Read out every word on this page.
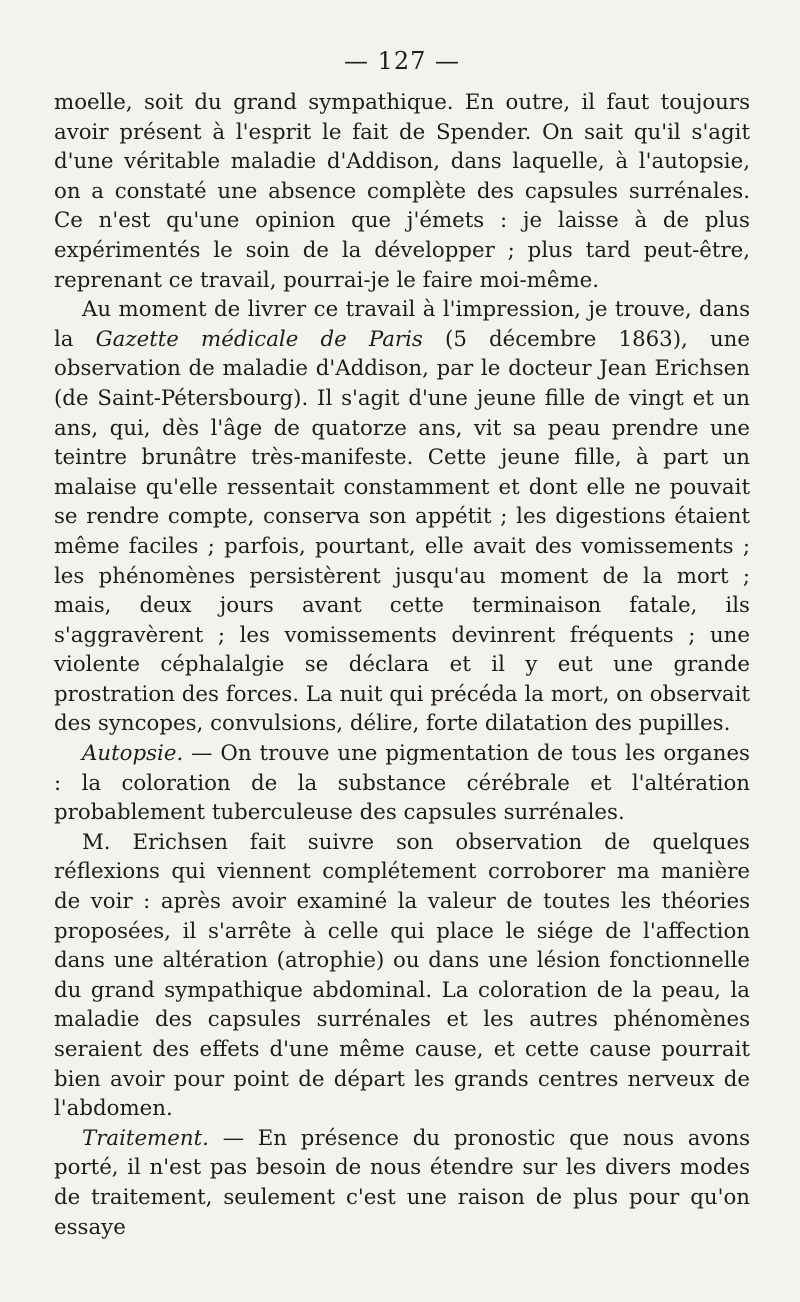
— 127 —

moelle, soit du grand sympathique. En outre, il faut toujours avoir présent à l'esprit le fait de Spender. On sait qu'il s'agit d'une véritable maladie d'Addison, dans laquelle, à l'autopsie, on a constaté une absence complète des capsules surrénales. Ce n'est qu'une opinion que j'émets : je laisse à de plus expérimentés le soin de la développer ; plus tard peut-être, reprenant ce travail, pourrai-je le faire moi-même.

Au moment de livrer ce travail à l'impression, je trouve, dans la Gazette médicale de Paris (5 décembre 1863), une observation de maladie d'Addison, par le docteur Jean Erichsen (de Saint-Pétersbourg). Il s'agit d'une jeune fille de vingt et un ans, qui, dès l'âge de quatorze ans, vit sa peau prendre une teintre brunâtre très-manifeste. Cette jeune fille, à part un malaise qu'elle ressentait constamment et dont elle ne pouvait se rendre compte, conserva son appétit ; les digestions étaient même faciles ; parfois, pourtant, elle avait des vomissements ; les phénomènes persistèrent jusqu'au moment de la mort ; mais, deux jours avant cette terminaison fatale, ils s'aggravèrent ; les vomissements devinrent fréquents ; une violente céphalalgie se déclara et il y eut une grande prostration des forces. La nuit qui précéda la mort, on observait des syncopes, convulsions, délire, forte dilatation des pupilles.

Autopsie. — On trouve une pigmentation de tous les organes : la coloration de la substance cérébrale et l'altération probablement tuberculeuse des capsules surrénales.

M. Erichsen fait suivre son observation de quelques réflexions qui viennent complétement corroborer ma manière de voir : après avoir examiné la valeur de toutes les théories proposées, il s'arrête à celle qui place le siége de l'affection dans une altération (atrophie) ou dans une lésion fonctionnelle du grand sympathique abdominal. La coloration de la peau, la maladie des capsules surrénales et les autres phénomènes seraient des effets d'une même cause, et cette cause pourrait bien avoir pour point de départ les grands centres nerveux de l'abdomen.

Traitement. — En présence du pronostic que nous avons porté, il n'est pas besoin de nous étendre sur les divers modes de traitement, seulement c'est une raison de plus pour qu'on essaye
